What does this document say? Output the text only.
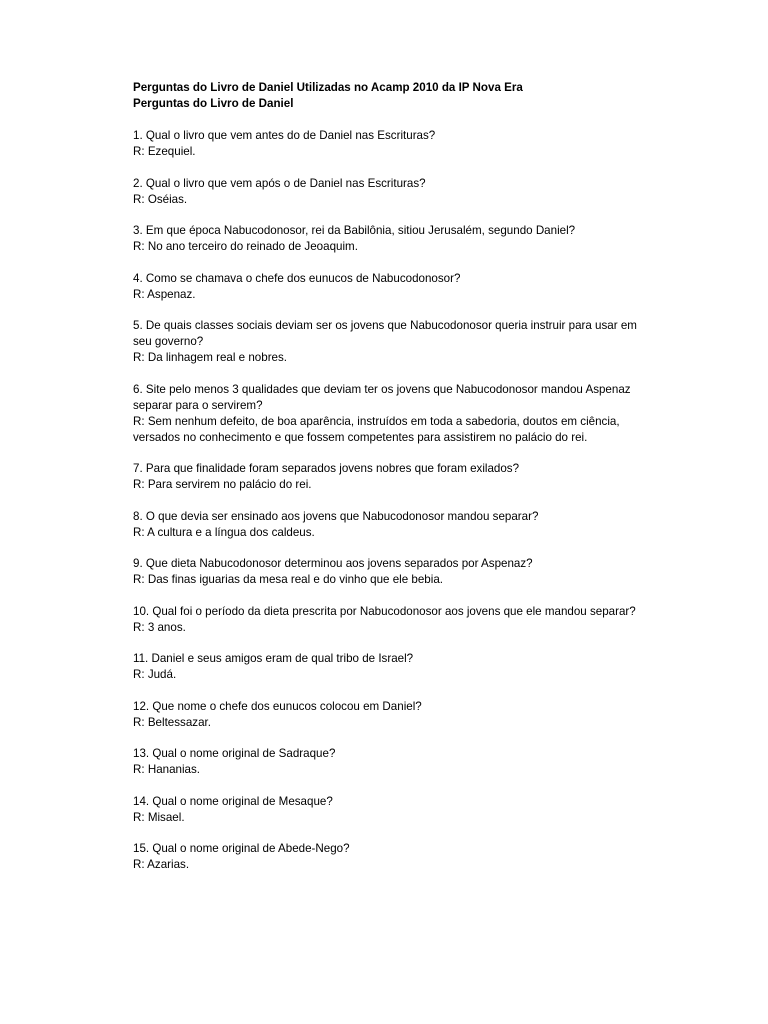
Perguntas do Livro de Daniel Utilizadas no Acamp 2010 da IP Nova Era

Perguntas do Livro de Daniel

1. Qual o livro que vem antes do de Daniel nas Escrituras?

R: Ezequiel.

2. Qual o livro que vem após o de Daniel nas Escrituras?

R: Oséias.

3. Em que época Nabucodonosor, rei da Babilônia, sitiou Jerusalém, segundo Daniel?

R: No ano terceiro do reinado de Jeoaquim.

4. Como se chamava o chefe dos eunucos de Nabucodonosor?

R: Aspenaz.

5. De quais classes sociais deviam ser os jovens que Nabucodonosor queria instruir para usar em seu governo?

R: Da linhagem real e nobres.

6. Site pelo menos 3 qualidades que deviam ter os jovens que Nabucodonosor mandou Aspenaz separar para o servirem?

R: Sem nenhum defeito, de boa aparência, instruídos em toda a sabedoria, doutos em ciência, versados no conhecimento e que fossem competentes para assistirem no palácio do rei.

7. Para que finalidade foram separados jovens nobres que foram exilados?

R: Para servirem no palácio do rei.

8. O que devia ser ensinado aos jovens que Nabucodonosor mandou separar?

R: A cultura e a língua dos caldeus.

9. Que dieta Nabucodonosor determinou aos jovens separados por Aspenaz?

R: Das finas iguarias da mesa real e do vinho que ele bebia.

10. Qual foi o período da dieta prescrita por Nabucodonosor aos jovens que ele mandou separar?

R: 3 anos.

11. Daniel e seus amigos eram de qual tribo de Israel?

R: Judá.

12. Que nome o chefe dos eunucos colocou em Daniel?

R: Beltessazar.

13. Qual o nome original de Sadraque?

R: Hananias.

14. Qual o nome original de Mesaque?

R: Misael.

15. Qual o nome original de Abede-Nego?

R: Azarias.
